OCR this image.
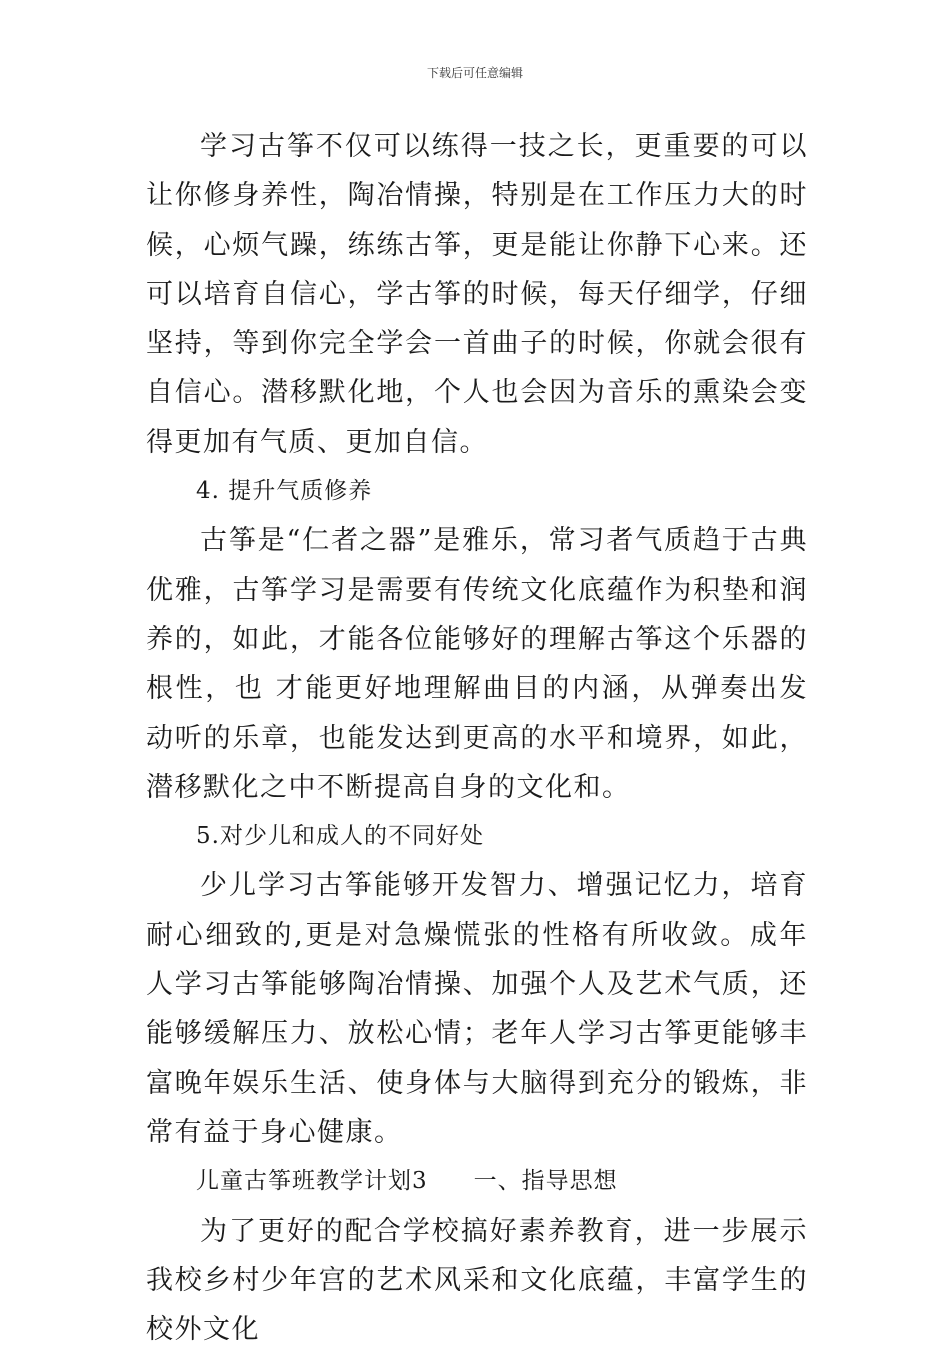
下载后可任意编辑

学习古筝不仅可以练得一技之长，更重要的可以让你修身养性，陶冶情操，特别是在工作压力大的时候，心烦气躁，练练古筝，更是能让你静下心来。还可以培育自信心，学古筝的时候，每天仔细学，仔细坚持，等到你完全学会一首曲子的时候，你就会很有自信心。潜移默化地，个人也会因为音乐的熏染会变得更加有气质、更加自信。

4. 提升气质修养

古筝是“仁者之器”是雅乐，常习者气质趋于古典优雅，古筝学习是需要有传统文化底蕴作为积垫和润养的，如此，才能各位能够好的理解古筝这个乐器的根性，也 才能更好地理解曲目的内涵，从弹奏出发动听的乐章，也能发达到更高的水平和境界，如此，潜移默化之中不断提高自身的文化和。

5.对少儿和成人的不同好处

少儿学习古筝能够开发智力、增强记忆力，培育耐心细致的,更是对急燥慌张的性格有所收敛。成年人学习古筝能够陶冶情操、加强个人及艺术气质，还能够缓解压力、放松心情；老年人学习古筝更能够丰富晚年娱乐生活、使身体与大脑得到充分的锻炼，非常有益于身心健康。

儿童古筝班教学计划3 一、指导思想

为了更好的配合学校搞好素养教育，进一步展示我校乡村少年宫的艺术风采和文化底蕴，丰富学生的校外文化
